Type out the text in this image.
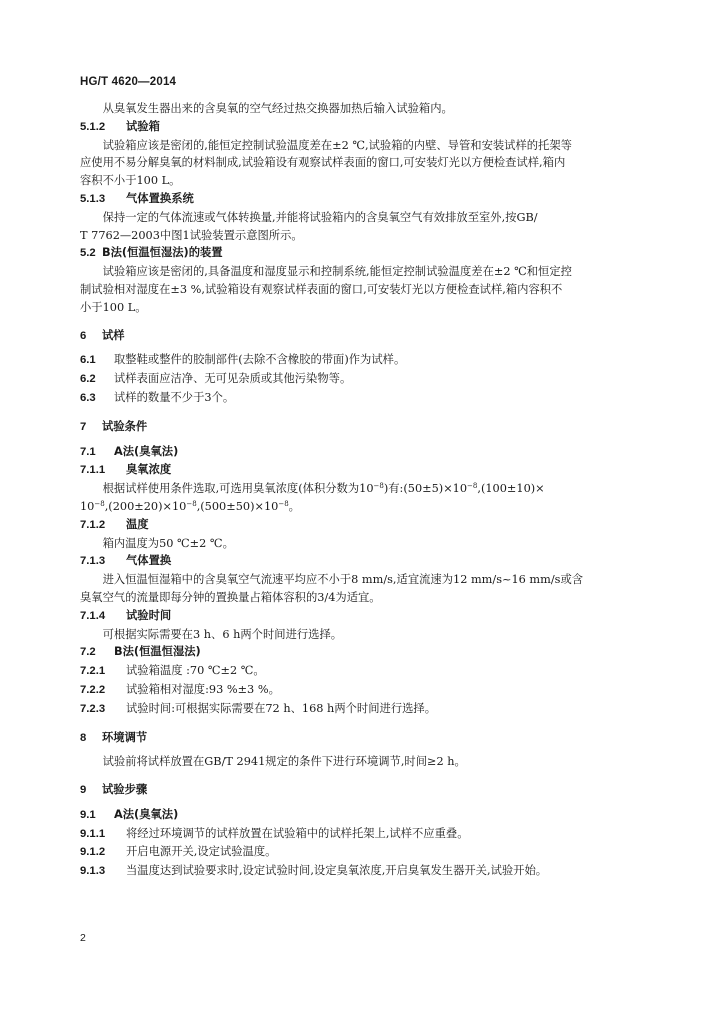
HG/T 4620—2014
从臭氧发生器出来的含臭氧的空气经过热交换器加热后输入试验箱内。
5.1.2 试验箱
试验箱应该是密闭的,能恒定控制试验温度差在±2 ℃,试验箱的内壁、导管和安装试样的托架等
应使用不易分解臭氧的材料制成,试验箱设有观察试样表面的窗口,可安装灯光以方便检查试样,箱内
容积不小于100 L。
5.1.3 气体置换系统
保持一定的气体流速或气体转换量,并能将试验箱内的含臭氧空气有效排放至室外,按GB/
T 7762—2003中图1试验装置示意图所示。
5.2 B法(恒温恒湿法)的装置
试验箱应该是密闭的,具备温度和湿度显示和控制系统,能恒定控制试验温度差在±2 ℃和恒定控
制试验相对湿度在±3 %,试验箱设有观察试样表面的窗口,可安装灯光以方便检查试样,箱内容积不
小于100 L。
6 试样
6.1 取整鞋或整件的胶制部件(去除不含橡胶的带面)作为试样。
6.2 试样表面应洁净、无可见杂质或其他污染物等。
6.3 试样的数量不少于3个。
7 试验条件
7.1 A法(臭氧法)
7.1.1 臭氧浓度
根据试样使用条件选取,可选用臭氧浓度(体积分数为$10^{-8}$)有$:(50\pm 5)\times 10^{-8},(100\pm 10)\times$
$10^{-8},(200\pm 20)\times 10^{-8},(500\pm 50)\times 10^{-8}$。
7.1.2 温度
箱内温度为50 ℃±2 ℃。
7.1.3 气体置换
进入恒温恒湿箱中的含臭氧空气流速平均应不小于8 mm/s,适宜流速为12 mm/s~16 mm/s或含
臭氧空气的流量即每分钟的置换量占箱体容积的3/4为适宜。
7.1.4 试验时间
可根据实际需要在3 h、6 h两个时间进行选择。
7.2 B法(恒温恒湿法)
7.2.1 试验箱温度 :70 ℃±2 ℃。
7.2.2 试验箱相对湿度:93 %±3 %。
7.2.3 试验时间:可根据实际需要在72 h、168 h两个时间进行选择。
8 环境调节
试验前将试样放置在GB/T 2941规定的条件下进行环境调节,时间≥2 h。
9 试验步骤
9.1 A法(臭氧法)
9.1.1 将经过环境调节的试样放置在试验箱中的试样托架上,试样不应重叠。
9.1.2 开启电源开关,设定试验温度。
9.1.3 当温度达到试验要求时,设定试验时间,设定臭氧浓度,开启臭氧发生器开关,试验开始。
2
